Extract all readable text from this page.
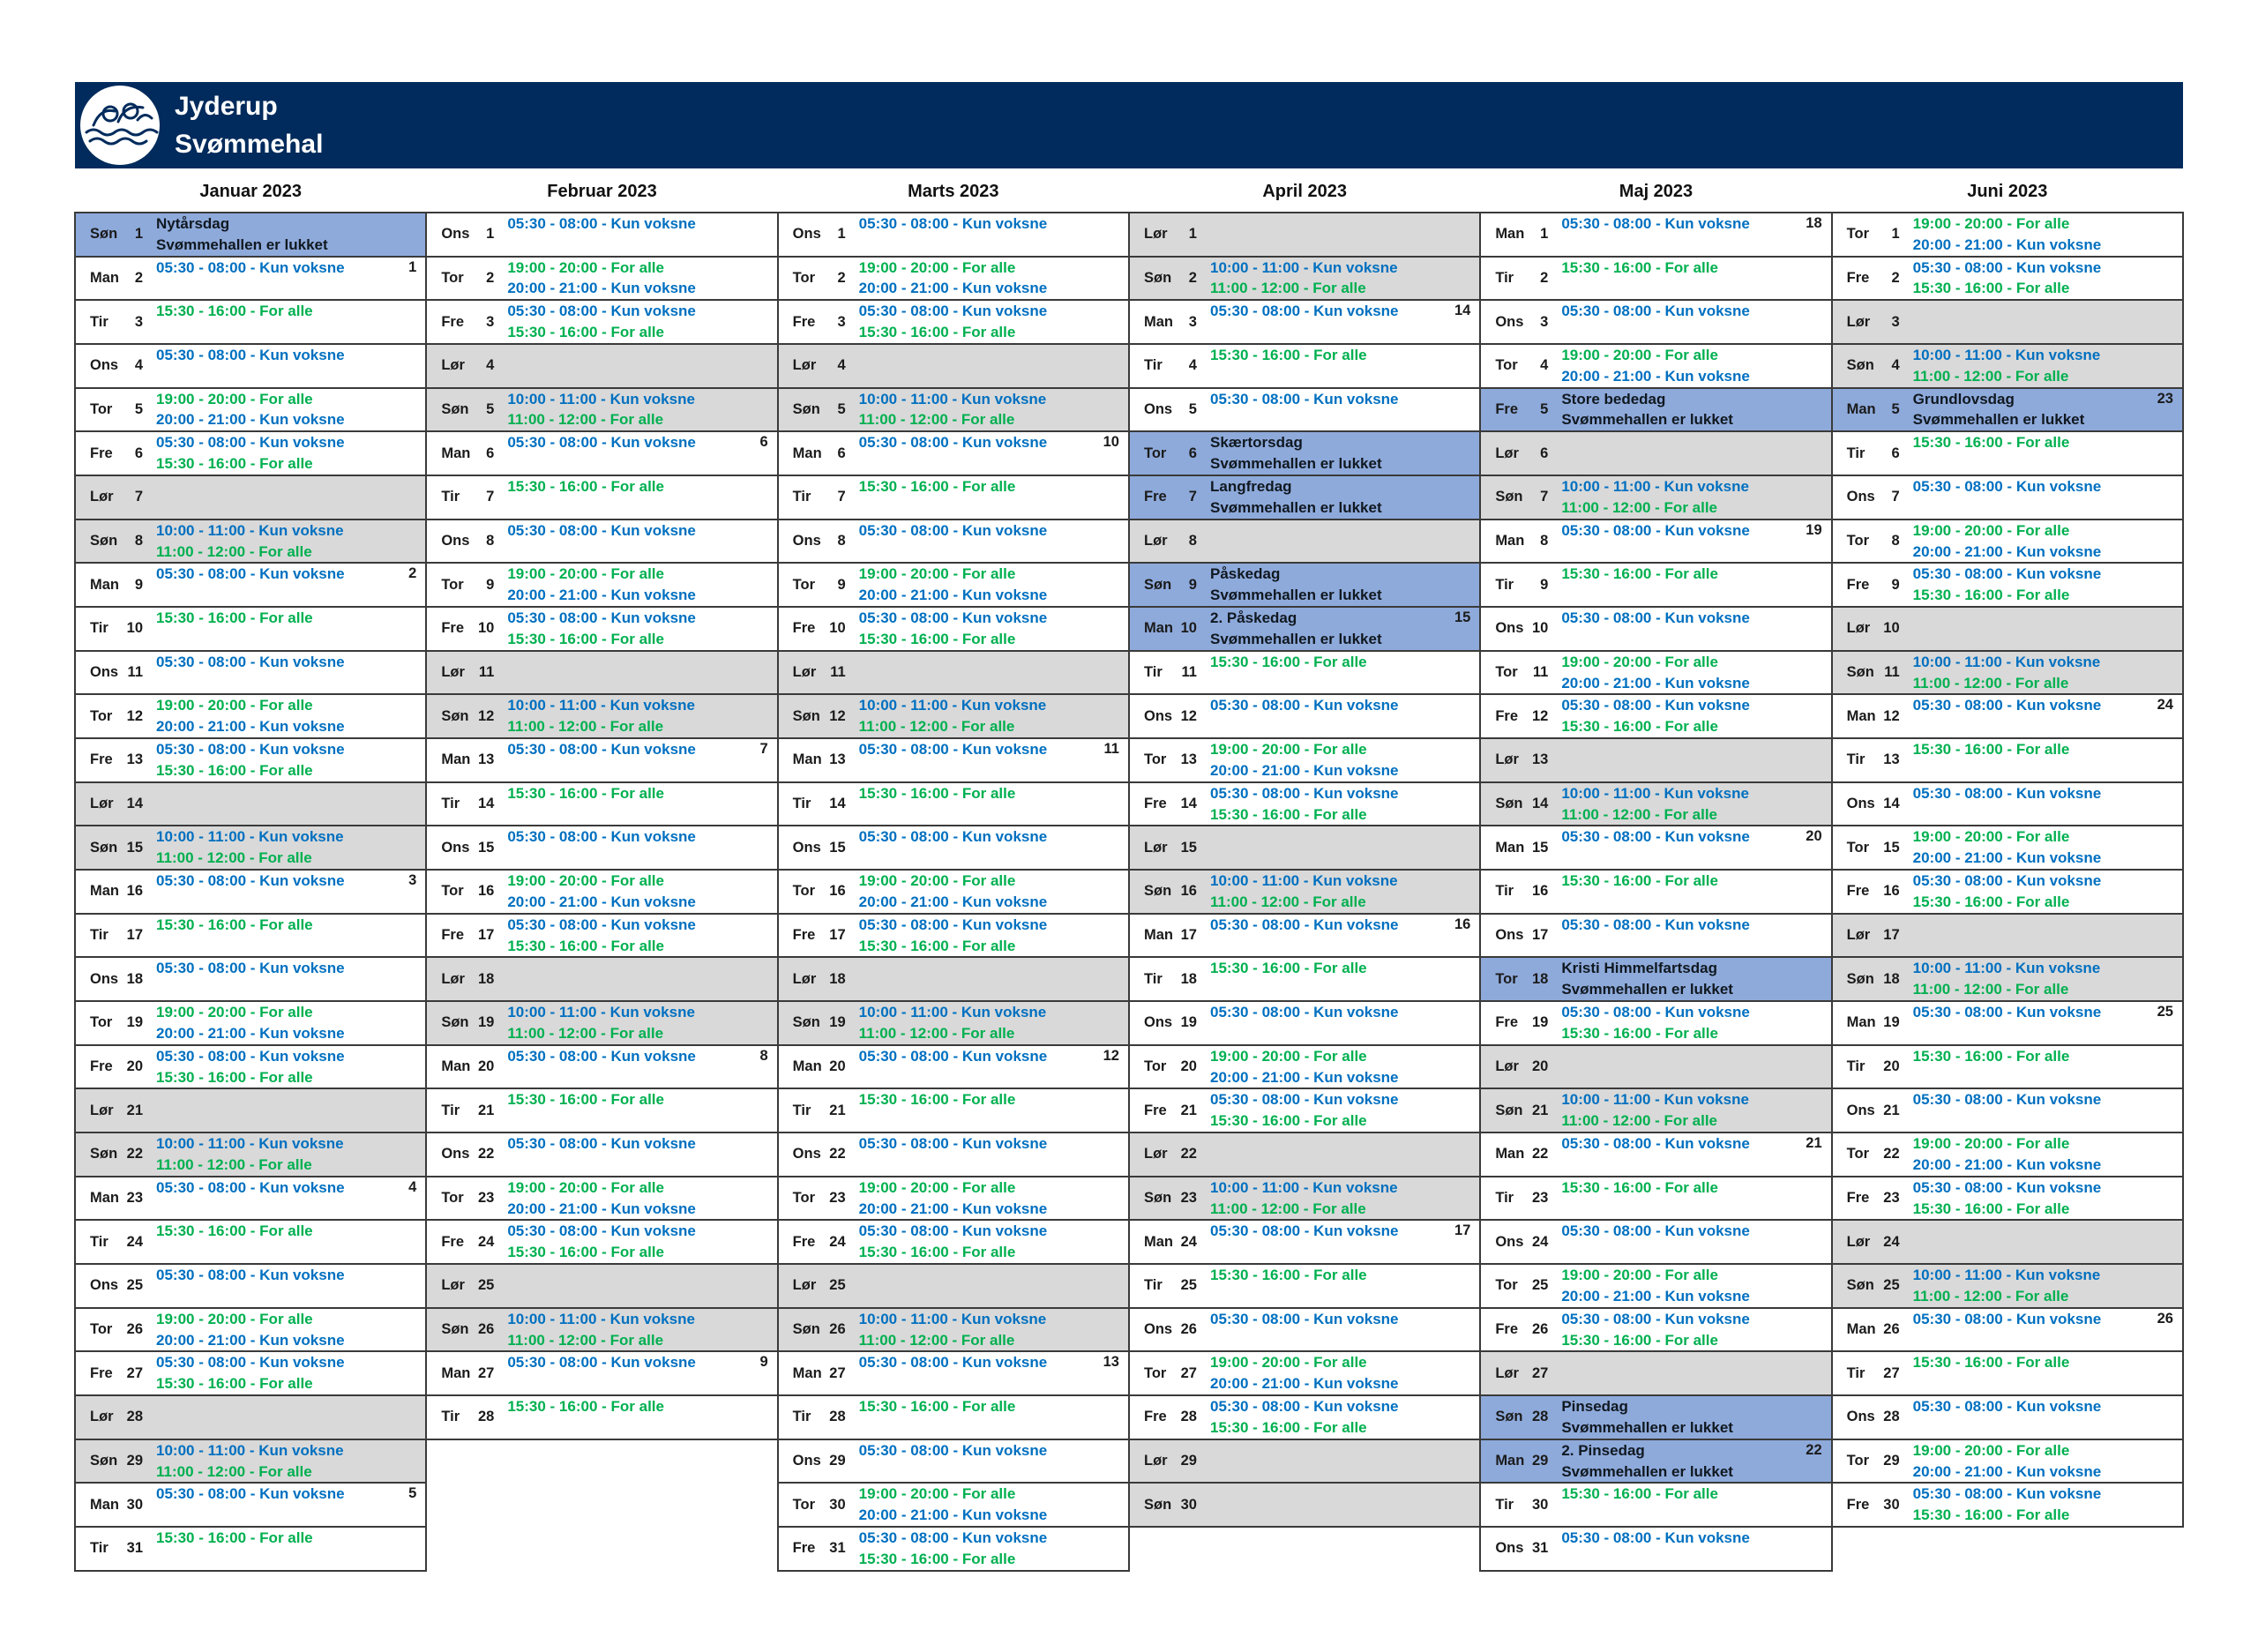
Jyderup
Svømmehal
Januar 2023
Søn 1
Nytårsdag
Svømmehallen er lukket
Man 2
05:30 - 08:00 - Kun voksne	1
Tir 3
15:30 - 16:00 - For alle
Ons 4
05:30 - 08:00 - Kun voksne
Tor 5
19:00 - 20:00 - For alle
20:00 - 21:00 - Kun voksne
Fre 6
05:30 - 08:00 - Kun voksne
15:30 - 16:00 - For alle
Lør 7
Søn 8
10:00 - 11:00 - Kun voksne
11:00 - 12:00 - For alle
Man 9
05:30 - 08:00 - Kun voksne	2
Tir 10
15:30 - 16:00 - For alle
Ons 11
05:30 - 08:00 - Kun voksne
Tor 12
19:00 - 20:00 - For alle
20:00 - 21:00 - Kun voksne
Fre 13
05:30 - 08:00 - Kun voksne
15:30 - 16:00 - For alle
Lør 14
Søn 15
10:00 - 11:00 - Kun voksne
11:00 - 12:00 - For alle
Man 16
05:30 - 08:00 - Kun voksne	3
Tir 17
15:30 - 16:00 - For alle
Ons 18
05:30 - 08:00 - Kun voksne
Tor 19
19:00 - 20:00 - For alle
20:00 - 21:00 - Kun voksne
Fre 20
05:30 - 08:00 - Kun voksne
15:30 - 16:00 - For alle
Lør 21
Søn 22
10:00 - 11:00 - Kun voksne
11:00 - 12:00 - For alle
Man 23
05:30 - 08:00 - Kun voksne	4
Tir 24
15:30 - 16:00 - For alle
Ons 25
05:30 - 08:00 - Kun voksne
Tor 26
19:00 - 20:00 - For alle
20:00 - 21:00 - Kun voksne
Fre 27
05:30 - 08:00 - Kun voksne
15:30 - 16:00 - For alle
Lør 28
Søn 29
10:00 - 11:00 - Kun voksne
11:00 - 12:00 - For alle
Man 30
05:30 - 08:00 - Kun voksne	5
Tir 31
15:30 - 16:00 - For alle
Februar 2023
Ons 1
05:30 - 08:00 - Kun voksne
Tor 2
19:00 - 20:00 - For alle
20:00 - 21:00 - Kun voksne
Fre 3
05:30 - 08:00 - Kun voksne
15:30 - 16:00 - For alle
Lør 4
Søn 5
10:00 - 11:00 - Kun voksne
11:00 - 12:00 - For alle
Man 6
05:30 - 08:00 - Kun voksne	6
Tir 7
15:30 - 16:00 - For alle
Ons 8
05:30 - 08:00 - Kun voksne
Tor 9
19:00 - 20:00 - For alle
20:00 - 21:00 - Kun voksne
Fre 10
05:30 - 08:00 - Kun voksne
15:30 - 16:00 - For alle
Lør 11
Søn 12
10:00 - 11:00 - Kun voksne
11:00 - 12:00 - For alle
Man 13
05:30 - 08:00 - Kun voksne	7
Tir 14
15:30 - 16:00 - For alle
Ons 15
05:30 - 08:00 - Kun voksne
Tor 16
19:00 - 20:00 - For alle
20:00 - 21:00 - Kun voksne
Fre 17
05:30 - 08:00 - Kun voksne
15:30 - 16:00 - For alle
Lør 18
Søn 19
10:00 - 11:00 - Kun voksne
11:00 - 12:00 - For alle
Man 20
05:30 - 08:00 - Kun voksne	8
Tir 21
15:30 - 16:00 - For alle
Ons 22
05:30 - 08:00 - Kun voksne
Tor 23
19:00 - 20:00 - For alle
20:00 - 21:00 - Kun voksne
Fre 24
05:30 - 08:00 - Kun voksne
15:30 - 16:00 - For alle
Lør 25
Søn 26
10:00 - 11:00 - Kun voksne
11:00 - 12:00 - For alle
Man 27
05:30 - 08:00 - Kun voksne	9
Tir 28
15:30 - 16:00 - For alle
Marts 2023
Ons 1
05:30 - 08:00 - Kun voksne
Tor 2
19:00 - 20:00 - For alle
20:00 - 21:00 - Kun voksne
Fre 3
05:30 - 08:00 - Kun voksne
15:30 - 16:00 - For alle
Lør 4
Søn 5
10:00 - 11:00 - Kun voksne
11:00 - 12:00 - For alle
Man 6
05:30 - 08:00 - Kun voksne	10
Tir 7
15:30 - 16:00 - For alle
Ons 8
05:30 - 08:00 - Kun voksne
Tor 9
19:00 - 20:00 - For alle
20:00 - 21:00 - Kun voksne
Fre 10
05:30 - 08:00 - Kun voksne
15:30 - 16:00 - For alle
Lør 11
Søn 12
10:00 - 11:00 - Kun voksne
11:00 - 12:00 - For alle
Man 13
05:30 - 08:00 - Kun voksne	11
Tir 14
15:30 - 16:00 - For alle
Ons 15
05:30 - 08:00 - Kun voksne
Tor 16
19:00 - 20:00 - For alle
20:00 - 21:00 - Kun voksne
Fre 17
05:30 - 08:00 - Kun voksne
15:30 - 16:00 - For alle
Lør 18
Søn 19
10:00 - 11:00 - Kun voksne
11:00 - 12:00 - For alle
Man 20
05:30 - 08:00 - Kun voksne	12
Tir 21
15:30 - 16:00 - For alle
Ons 22
05:30 - 08:00 - Kun voksne
Tor 23
19:00 - 20:00 - For alle
20:00 - 21:00 - Kun voksne
Fre 24
05:30 - 08:00 - Kun voksne
15:30 - 16:00 - For alle
Lør 25
Søn 26
10:00 - 11:00 - Kun voksne
11:00 - 12:00 - For alle
Man 27
05:30 - 08:00 - Kun voksne	13
Tir 28
15:30 - 16:00 - For alle
Ons 29
05:30 - 08:00 - Kun voksne
Tor 30
19:00 - 20:00 - For alle
20:00 - 21:00 - Kun voksne
Fre 31
05:30 - 08:00 - Kun voksne
15:30 - 16:00 - For alle
April 2023
Lør 1
Søn 2
10:00 - 11:00 - Kun voksne
11:00 - 12:00 - For alle
Man 3
05:30 - 08:00 - Kun voksne	14
Tir 4
15:30 - 16:00 - For alle
Ons 5
05:30 - 08:00 - Kun voksne
Tor 6
Skærtorsdag
Svømmehallen er lukket
Fre 7
Langfredag
Svømmehallen er lukket
Lør 8
Søn 9
Påskedag
Svømmehallen er lukket
Man 10
2. Påskedag
Svømmehallen er lukket
15
Tir 11
15:30 - 16:00 - For alle
Ons 12
05:30 - 08:00 - Kun voksne
Tor 13
19:00 - 20:00 - For alle
20:00 - 21:00 - Kun voksne
Fre 14
05:30 - 08:00 - Kun voksne
15:30 - 16:00 - For alle
Lør 15
Søn 16
10:00 - 11:00 - Kun voksne
11:00 - 12:00 - For alle
Man 17
05:30 - 08:00 - Kun voksne	16
Tir 18
15:30 - 16:00 - For alle
Ons 19
05:30 - 08:00 - Kun voksne
Tor 20
19:00 - 20:00 - For alle
20:00 - 21:00 - Kun voksne
Fre 21
05:30 - 08:00 - Kun voksne
15:30 - 16:00 - For alle
Lør 22
Søn 23
10:00 - 11:00 - Kun voksne
11:00 - 12:00 - For alle
Man 24
05:30 - 08:00 - Kun voksne	17
Tir 25
15:30 - 16:00 - For alle
Ons 26
05:30 - 08:00 - Kun voksne
Tor 27
19:00 - 20:00 - For alle
20:00 - 21:00 - Kun voksne
Fre 28
05:30 - 08:00 - Kun voksne
15:30 - 16:00 - For alle
Lør 29
Søn 30
Maj 2023
Man 1
05:30 - 08:00 - Kun voksne	18
Tir 2
15:30 - 16:00 - For alle
Ons 3
05:30 - 08:00 - Kun voksne
Tor 4
19:00 - 20:00 - For alle
20:00 - 21:00 - Kun voksne
Fre 5
Store bededag
Svømmehallen er lukket
Lør 6
Søn 7
10:00 - 11:00 - Kun voksne
11:00 - 12:00 - For alle
Man 8
05:30 - 08:00 - Kun voksne	19
Tir 9
15:30 - 16:00 - For alle
Ons 10
05:30 - 08:00 - Kun voksne
Tor 11
19:00 - 20:00 - For alle
20:00 - 21:00 - Kun voksne
Fre 12
05:30 - 08:00 - Kun voksne
15:30 - 16:00 - For alle
Lør 13
Søn 14
10:00 - 11:00 - Kun voksne
11:00 - 12:00 - For alle
Man 15
05:30 - 08:00 - Kun voksne	20
Tir 16
15:30 - 16:00 - For alle
Ons 17
05:30 - 08:00 - Kun voksne
Tor 18
Kristi Himmelfartsdag
Svømmehallen er lukket
Fre 19
05:30 - 08:00 - Kun voksne
15:30 - 16:00 - For alle
Lør 20
Søn 21
10:00 - 11:00 - Kun voksne
11:00 - 12:00 - For alle
Man 22
05:30 - 08:00 - Kun voksne	21
Tir 23
15:30 - 16:00 - For alle
Ons 24
05:30 - 08:00 - Kun voksne
Tor 25
19:00 - 20:00 - For alle
20:00 - 21:00 - Kun voksne
Fre 26
05:30 - 08:00 - Kun voksne
15:30 - 16:00 - For alle
Lør 27
Søn 28
Pinsedag
Svømmehallen er lukket
Man 29
2. Pinsedag
Svømmehallen er lukket
22
Tir 30
15:30 - 16:00 - For alle
Ons 31
05:30 - 08:00 - Kun voksne
Juni 2023
Tor 1
19:00 - 20:00 - For alle
20:00 - 21:00 - Kun voksne
Fre 2
05:30 - 08:00 - Kun voksne
15:30 - 16:00 - For alle
Lør 3
Søn 4
10:00 - 11:00 - Kun voksne
11:00 - 12:00 - For alle
Man 5
Grundlovsdag
Svømmehallen er lukket
23
Tir 6
15:30 - 16:00 - For alle
Ons 7
05:30 - 08:00 - Kun voksne
Tor 8
19:00 - 20:00 - For alle
20:00 - 21:00 - Kun voksne
Fre 9
05:30 - 08:00 - Kun voksne
15:30 - 16:00 - For alle
Lør 10
Søn 11
10:00 - 11:00 - Kun voksne
11:00 - 12:00 - For alle
Man 12
05:30 - 08:00 - Kun voksne	24
Tir 13
15:30 - 16:00 - For alle
Ons 14
05:30 - 08:00 - Kun voksne
Tor 15
19:00 - 20:00 - For alle
20:00 - 21:00 - Kun voksne
Fre 16
05:30 - 08:00 - Kun voksne
15:30 - 16:00 - For alle
Lør 17
Søn 18
10:00 - 11:00 - Kun voksne
11:00 - 12:00 - For alle
Man 19
05:30 - 08:00 - Kun voksne	25
Tir 20
15:30 - 16:00 - For alle
Ons 21
05:30 - 08:00 - Kun voksne
Tor 22
19:00 - 20:00 - For alle
20:00 - 21:00 - Kun voksne
Fre 23
05:30 - 08:00 - Kun voksne
15:30 - 16:00 - For alle
Lør 24
Søn 25
10:00 - 11:00 - Kun voksne
11:00 - 12:00 - For alle
Man 26
05:30 - 08:00 - Kun voksne	26
Tir 27
15:30 - 16:00 - For alle
Ons 28
05:30 - 08:00 - Kun voksne
Tor 29
19:00 - 20:00 - For alle
20:00 - 21:00 - Kun voksne
Fre 30
05:30 - 08:00 - Kun voksne
15:30 - 16:00 - For alle
